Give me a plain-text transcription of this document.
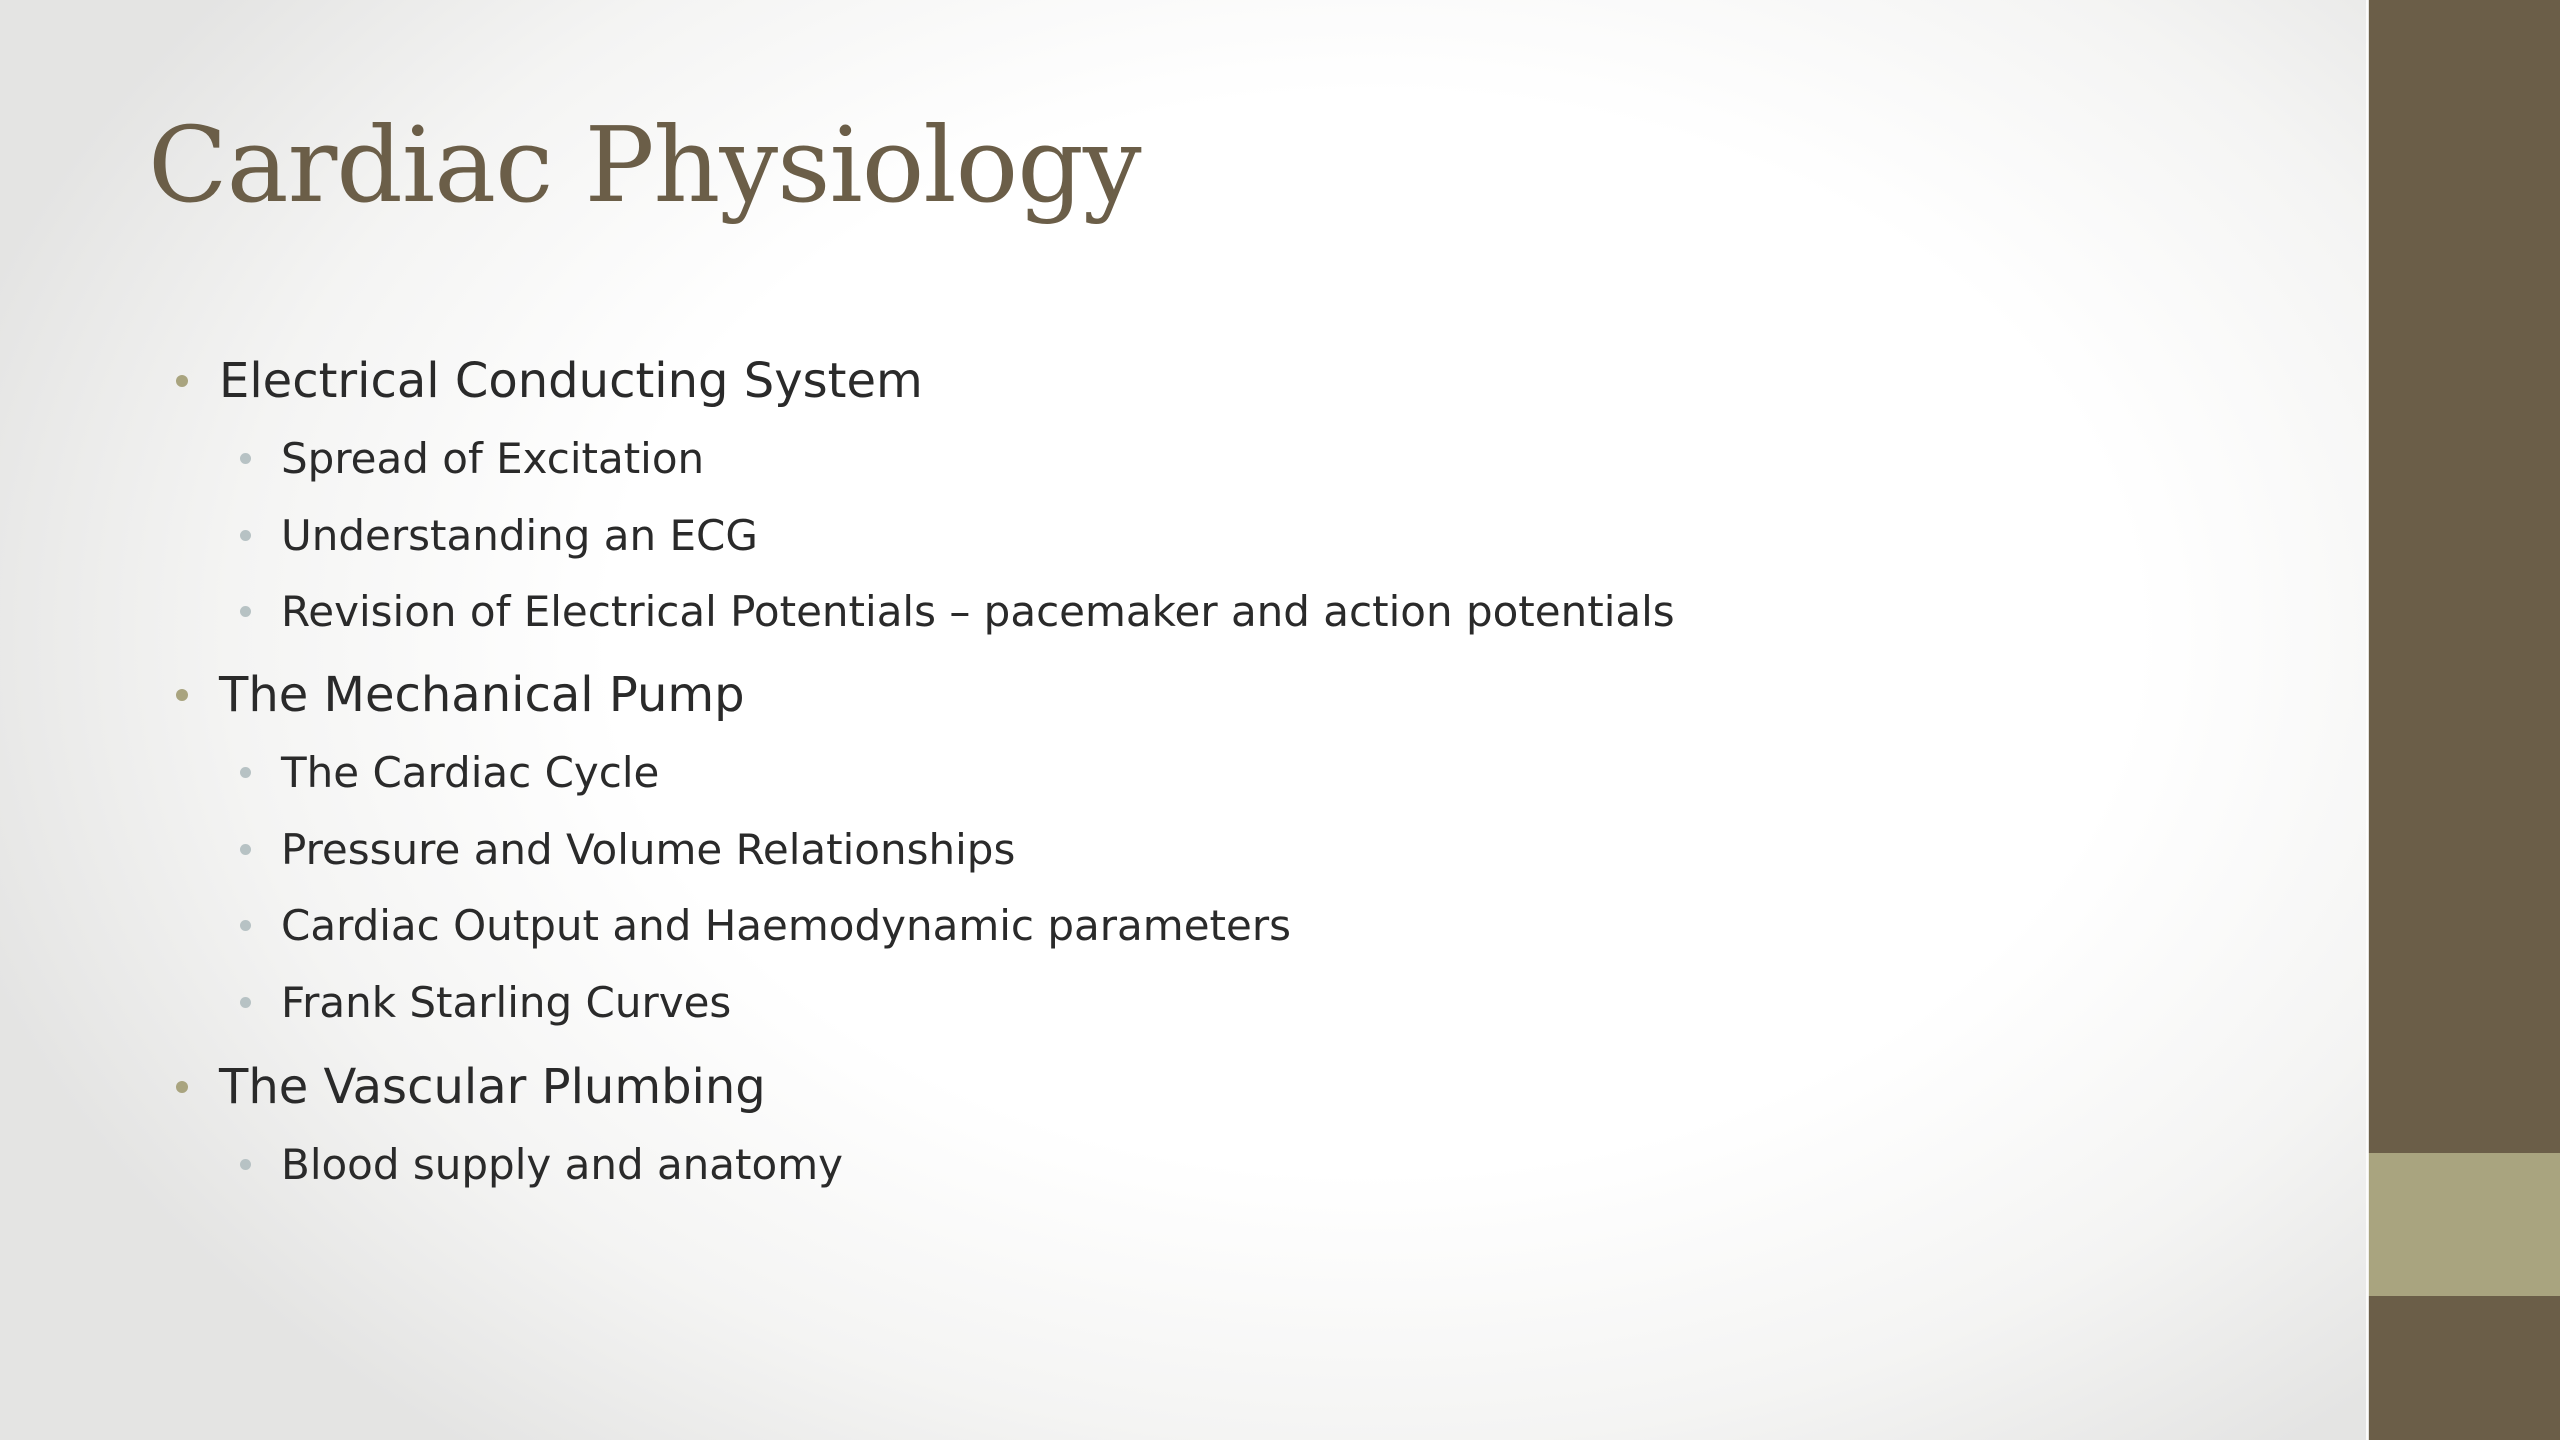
Cardiac Physiology
Electrical Conducting System
Spread of Excitation
Understanding an ECG
Revision of Electrical Potentials – pacemaker and action potentials
The Mechanical Pump
The Cardiac Cycle
Pressure and Volume Relationships
Cardiac Output and Haemodynamic parameters
Frank Starling Curves
The Vascular Plumbing
Blood supply and anatomy
